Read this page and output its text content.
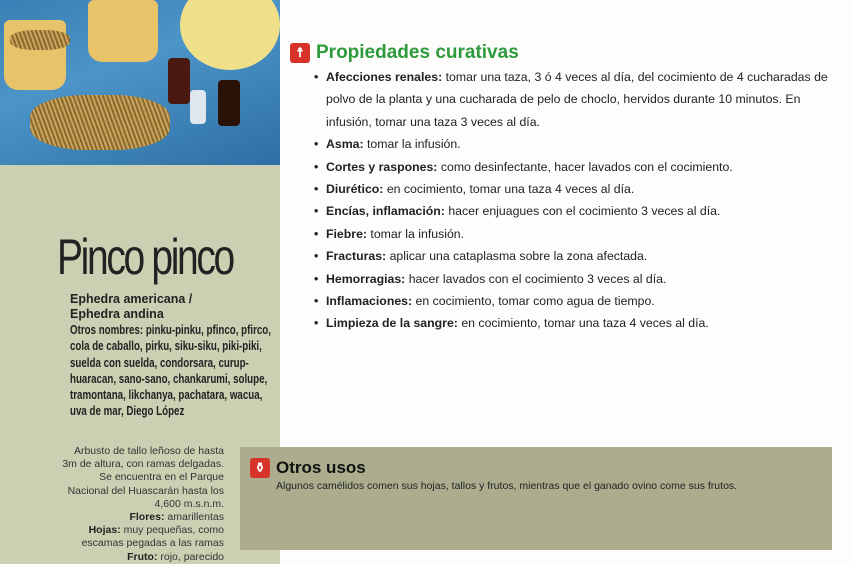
Pinco pinco
Ephedra americana /
Ephedra andina
Otros nombres: pinku-pinku, pfinco, pfirco, cola de caballo, pirku, siku-siku, piki-piki, suelda con suelda, condorsara, curup-huaracan, sano-sano, chankarumi, solupe, tramontana, likchanya, pachatara, wacua, uva de mar, Diego López
Arbusto de tallo leñoso de hasta 3m de altura, con ramas delgadas. Se encuentra en el Parque Nacional del Huascarán hasta los 4,600 m.s.n.m.
Flores: amarillentas
Hojas: muy pequeñas, como escamas pegadas a las ramas
Fruto: rojo, parecido
☨ Propiedades curativas
• Afecciones renales: tomar una taza, 3 ó 4 veces al día, del cocimiento de 4 cucharadas de polvo de la planta y una cucharada de pelo de choclo, hervidos durante 10 minutos. En infusión, tomar una taza 3 veces al día.
• Asma: tomar la infusión.
• Cortes y raspones: como desinfectante, hacer lavados con el cocimiento.
• Diurético: en cocimiento, tomar una taza 4 veces al día.
• Encías, inflamación: hacer enjuagues con el cocimiento 3 veces al día.
• Fiebre: tomar la infusión.
• Fracturas: aplicar una cataplasma sobre la zona afectada.
• Hemorragias: hacer lavados con el cocimiento 3 veces al día.
• Inflamaciones: en cocimiento, tomar como agua de tiempo.
• Limpieza de la sangre: en cocimiento, tomar una taza 4 veces al día.
⚱ Otros usos
Algunos camélidos comen sus hojas, tallos y frutos, mientras que el ganado ovino come sus frutos.
